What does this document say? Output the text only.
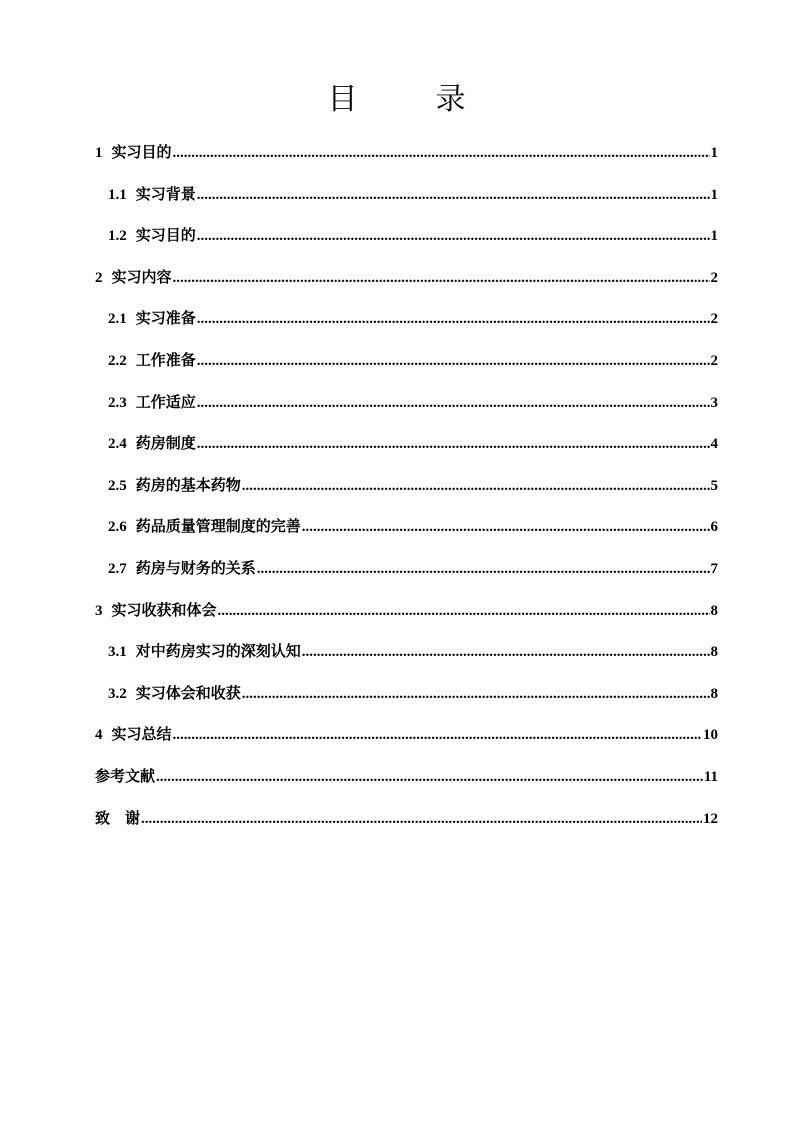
目　录
1 实习目的 .....	1
1.1 实习背景 .....	1
1.2 实习目的 .....	1
2 实习内容 .....	2
2.1 实习准备 .....	2
2.2 工作准备 .....	2
2.3 工作适应 .....	3
2.4 药房制度 .....	4
2.5 药房的基本药物 .....	5
2.6 药品质量管理制度的完善 .....	6
2.7 药房与财务的关系 .....	7
3 实习收获和体会 .....	8
3.1 对中药房实习的深刻认知 .....	8
3.2 实习体会和收获 .....	8
4 实习总结 .....	10
参考文献 .....	11
致　谢 .....	12
